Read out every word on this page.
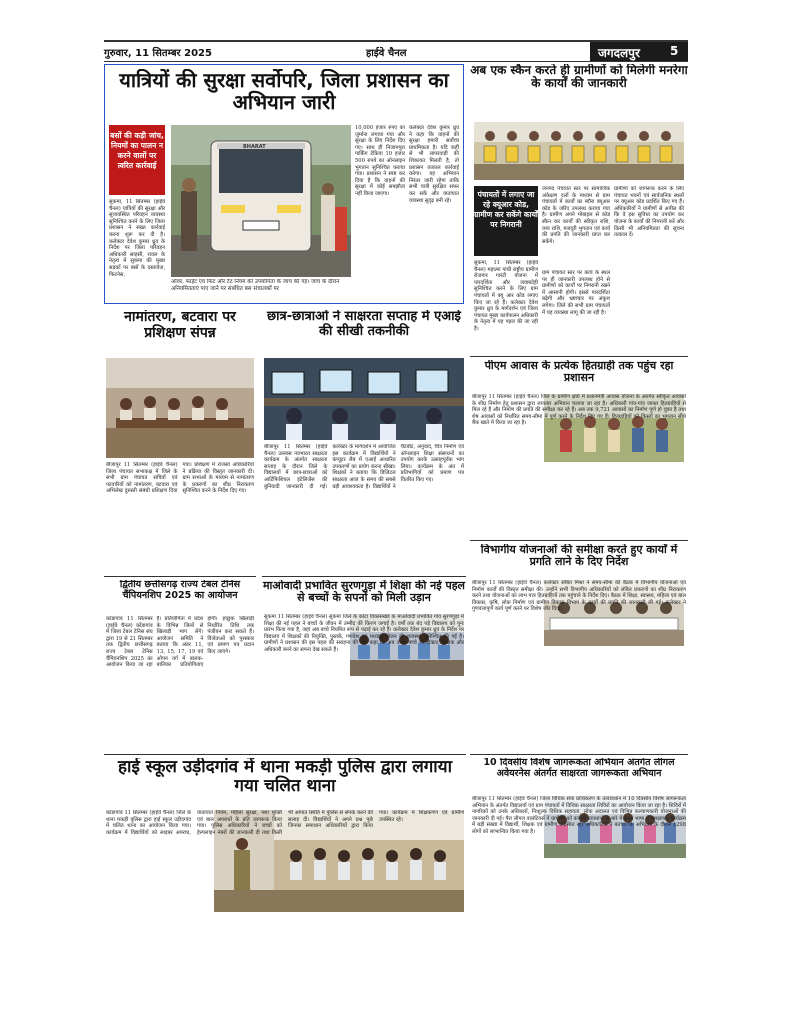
गुरुवार, 11 सितम्बर 2025	हाईवे चैनल	जगदलपुर	5
यात्रियों की सुरक्षा सर्वोपरि, जिला प्रशासन का अभियान जारी
बसों की कड़ी जांच, नियमों का पालन न करने वालों पर त्वरित कार्रवाई
सुकमा, 11 सितम्बर (हाईवे चैनल) यात्रियों की सुरक्षा और सुव्यवस्थित परिवहन व्यवस्था सुनिश्चित करने के लिए जिला प्रशासन ने सख्त कार्रवाई करना शुरू कर दी है। कलेक्टर देवेश कुमार ध्रुव के निर्देश पर जिला परिवहन अधिकारी साहसी, रावल के नेतृत्व में सुकमा की मुख्य सड़कों पर बसों के दस्तावेज, फिटनेस,
BHARAT
ओवर, फाईट एवं फिट और टैट नियम की उपयोगिता के जांच की गई। जांच के दौरान अनियमितताएं पाए जाने पर संबंधित बस संचालकों पर
10,000 हजार रुपए का जुर्माना लगाया गया और सुरक्षा के लिए निर्देश दिए गए। साथ ही निजामपुरा पार्किंग टेकिया 10 हजार 500 रुपये का ऑनलाइन भुगतान सुनिश्चित कराया गया। प्रशासन ने स्पष्ट कर दिया है कि वाहनों की सुरक्षा में कोई समझौता नहीं किया जाएगा।
कलेक्टर देवेश कुमार ध्रुव ने कहा कि वाहनों की सुरक्षा हमारी सर्वोच्च प्राथमिकता है। यदि कहीं से भी लापरवाही की शिकायत मिलती है, तो प्रशासन तत्काल कार्रवाई करेगा। यह अभियान निरंतर जारी रहेगा ताकि सभी यात्री सुरक्षित सफर कर सकें और यातायात व्यवस्था सुदृढ़ बनी रहे।
अब एक स्कैन करते ही ग्रामीणों को मिलेगी मनरेगा के कार्यों की जानकारी
पंचायतों में लगाए जा रहे क्यूआर कोड, ग्रामीण कर सकेंगे कार्यों पर निगरानी
सुकमा, 11 सितम्बर (हाईवे चैनल) महात्मा गांधी राष्ट्रीय ग्रामीण रोजगार गारंटी योजना में पारदर्शिता और जवाबदेही सुनिश्चित करने के लिए ग्राम पंचायतों में क्यू आर कोड लगाए किए जा रहे हैं। कलेक्टर देवेश कुमार ध्रुव के मार्गदर्शन एवं जिला पंचायत मुख्य कार्यपालन अधिकारी के नेतृत्व में यह पहल की जा रही है।
जनपद पंचायत स्तर पर सामाजिक अंकेक्षण दलों के माध्यम से ग्राम पंचायतों में कार्यों का ब्यौरा क्यूआर कोड के जरिए उपलब्ध कराया गया है। ग्रामीण अपने मोबाइल से कोड स्कैन कर कार्यों की स्वीकृत राशि, व्यय राशि, मजदूरी भुगतान एवं कार्य की प्रगति की जानकारी प्राप्त कर सकेंगे।
ग्राम पंचायत स्तर पर कार्य के स्थल पर ही जानकारी उपलब्ध होने से ग्रामीणों को कार्यों पर निगरानी रखने में आसानी होगी। इससे पारदर्शिता बढ़ेगी और भ्रष्टाचार पर अंकुश लगेगा। जिले की सभी ग्राम पंचायतों में यह व्यवस्था लागू की जा रही है।
ग्रामीणों को जागरूक करने के लिए पंचायत भवनों एवं सार्वजनिक स्थलों पर क्यूआर कोड प्रदर्शित किए गए हैं। अधिकारियों ने ग्रामीणों से अपील की कि वे इस सुविधा का उपयोग कर योजना के कार्यों की निगरानी करें और किसी भी अनियमितता की सूचना तत्काल दें।
नामांतरण, बटवारा पर प्रशिक्षण संपन्न
बीजापुर 11 सितम्बर (हाईवे चैनल) जिला पंचायत सभाकक्ष में जिले के सभी ग्राम पंचायत सचिवों एवं पटवारियों को नामांतरण, बटवारा एवं अभिलेख दुरुस्ती संबंधी प्रशिक्षण दिया गया। प्रशिक्षण में राजस्व अधिकारियों ने प्रक्रिया की विस्तृत जानकारी दी। ग्राम सभाओं के माध्यम से नामांतरण के प्रकरणों का शीघ्र निराकरण सुनिश्चित करने के निर्देश दिए गए।
छात्र-छात्राओं ने साक्षरता सप्ताह में एआई की सीखी तकनीकी
बीजापुर 11 सितम्बर (हाईवे चैनल) उल्लास नवभारत साक्षरता कार्यक्रम के अंतर्गत साक्षरता सप्ताह के दौरान जिले के विद्यालयों में छात्र-छात्राओं को आर्टिफिशियल इंटेलिजेंस की बुनियादी जानकारी दी गई। कलेक्टर के मार्गदर्शन में आयोजित इस कार्यक्रम में विद्यार्थियों ने कंप्यूटर लैब में एआई आधारित उपकरणों का प्रयोग करना सीखा। शिक्षकों ने बताया कि डिजिटल साक्षरता आज के समय की सबसे बड़ी आवश्यकता है। विद्यार्थियों ने चैटबॉट, अनुवाद, चित्र निर्माण एवं ऑनलाइन शिक्षा संसाधनों का उपयोग करके उत्साहपूर्वक भाग लिया। कार्यक्रम के अंत में प्रतिभागियों को प्रमाण पत्र वितरित किए गए।
पीएम आवास के प्रत्येक हितग्राही तक पहुंच रहा प्रशासन
बीजापुर 11 सितम्बर (हाईवे चैनल) जिले के ग्रामीण क्षेत्रों में प्रधानमंत्री आवास योजना के अंतर्गत स्वीकृत आवासों के शीघ्र निर्माण हेतु प्रशासन द्वारा लगातार अभियान चलाया जा रहा है। अधिकारी गांव-गांव जाकर हितग्राहियों से मिल रहे हैं और निर्माण की प्रगति की समीक्षा कर रहे हैं। अब तक 9,721 आवासों का निर्माण पूर्ण हो चुका है तथा शेष आवासों को निर्धारित समय-सीमा में पूर्ण करने के निर्देश दिए गए हैं। हितग्राहियों को किस्तों का भुगतान सीधे बैंक खाते में किया जा रहा है।
द्वितीय छत्तीसगढ़ राज्य टेबल टेनिस चैंपियनशिप 2025 का आयोजन
कोंडागांव 11 सितम्बर (हाईवे चैनल) कोंडागांव में जिला टेबल टेनिस संघ द्वारा 19 से 21 सितम्बर तक द्वितीय छत्तीसगढ़ राज्य टेबल टेनिस चैंपियनशिप 2025 का आयोजन किया जा रहा है। प्रतियोगिता में प्रदेश के विभिन्न जिलों से खिलाड़ी भाग लेंगे। आयोजन समिति ने बताया कि अंडर 11, 13, 15, 17, 19 एवं ओपन वर्ग में बालक-बालिका प्रतियोगिताएं होंगी। इच्छुक खिलाड़ी निर्धारित तिथि तक पंजीयन करा सकते हैं। विजेताओं को पुरस्कार एवं प्रमाण पत्र प्रदान किए जाएंगे।
माओवादी प्रभावित सुरणगुड़ा में शिक्षा की नई पहल से बच्चों के सपनों को मिली उड़ान
सुकमा 11 सितम्बर (हाईवे चैनल) सुकमा जिले के कोंटा विकासखंड के माओवादी प्रभावित गांव सुरणगुड़ा में शिक्षा की नई पहल ने बच्चों के जीवन में उम्मीद की किरण जगाई है। वर्षों तक बंद पड़े विद्यालय को पुनः प्रारंभ किया गया है, जहां अब बच्चे नियमित रूप से पढ़ाई कर रहे हैं। कलेक्टर देवेश कुमार ध्रुव के निर्देश पर विद्यालय में शिक्षकों की नियुक्ति, पुस्तकें, गणवेश एवं मध्याह्न भोजन की व्यवस्था सुनिश्चित की गई है। ग्रामीणों ने प्रशासन की इस पहल की सराहना की और कहा कि अब उनके बच्चे भी डॉक्टर, शिक्षक और अधिकारी बनने का सपना देख सकते हैं।
विभागीय योजनाओं की समीक्षा करते हुए कार्यों में प्रगति लाने के दिए निर्देश
बीजापुर 11 सितम्बर (हाईवे चैनल) कलेक्टर संबित मिश्रा ने समय-सीमा की बैठक में विभागीय योजनाओं एवं निर्माण कार्यों की विस्तृत समीक्षा की। उन्होंने सभी विभागीय अधिकारियों को लंबित प्रकरणों का शीघ्र निराकरण करने तथा योजनाओं का लाभ पात्र हितग्राहियों तक पहुंचाने के निर्देश दिए। बैठक में शिक्षा, स्वास्थ्य, महिला एवं बाल विकास, कृषि, लोक निर्माण एवं ग्रामीण विकास विभाग के कार्यों की प्रगति की जानकारी ली गई। कलेक्टर ने गुणवत्तापूर्ण कार्य पूर्ण करने पर विशेष जोर दिया।
हाई स्कूल उड़ीदगांव में थाना मकड़ी पुलिस द्वारा लगाया गया चलित थाना
कोंडागांव 11 सितम्बर (हाईवे चैनल) जिले के थाना मकड़ी पुलिस द्वारा हाई स्कूल उड़ीदगांव में चलित थाना का आयोजन किया गया। कार्यक्रम में विद्यार्थियों को साइबर अपराध, यातायात नियम, महिला सुरक्षा, नशा मुक्ति एवं बाल अपराधों के प्रति जागरूक किया गया। पुलिस अधिकारियों ने बच्चों को हेल्पलाइन नंबरों की जानकारी दी तथा किसी भी आपात स्थिति में पुलिस से संपर्क करने की सलाह दी। विद्यार्थियों ने अपने प्रश्न पूछे जिनका समाधान अधिकारियों द्वारा किया गया। कार्यक्रम में शिक्षकगण एवं ग्रामीण उपस्थित रहे।
10 दिवसीय विशेष जागरूकता अभियान अंतर्गत लीगल अवेयरनेस अंतर्गत साक्षरता जागरूकता अभियान
बीजापुर 11 सितम्बर (हाईवे चैनल) जिला विधिक सेवा प्राधिकरण के तत्वावधान में 10 दिवसीय विशेष जागरूकता अभियान के अंतर्गत विद्यालयों एवं ग्राम पंचायतों में विधिक साक्षरता शिविरों का आयोजन किया जा रहा है। शिविरों में नागरिकों को उनके अधिकारों, निःशुल्क विधिक सहायता, लोक अदालत एवं विभिन्न कल्याणकारी योजनाओं की जानकारी दी गई। पैरा लीगल वालंटियर्स ने ग्रामीणों को कानूनी प्रावधानों के बारे में सरल भाषा में समझाया। कार्यक्रम में बड़ी संख्या में विद्यार्थी, शिक्षक एवं ग्रामीण उपस्थित रहे। अधिकारियों ने बताया कि अभियान के दौरान 1298 लोगों को लाभान्वित किया गया है।
